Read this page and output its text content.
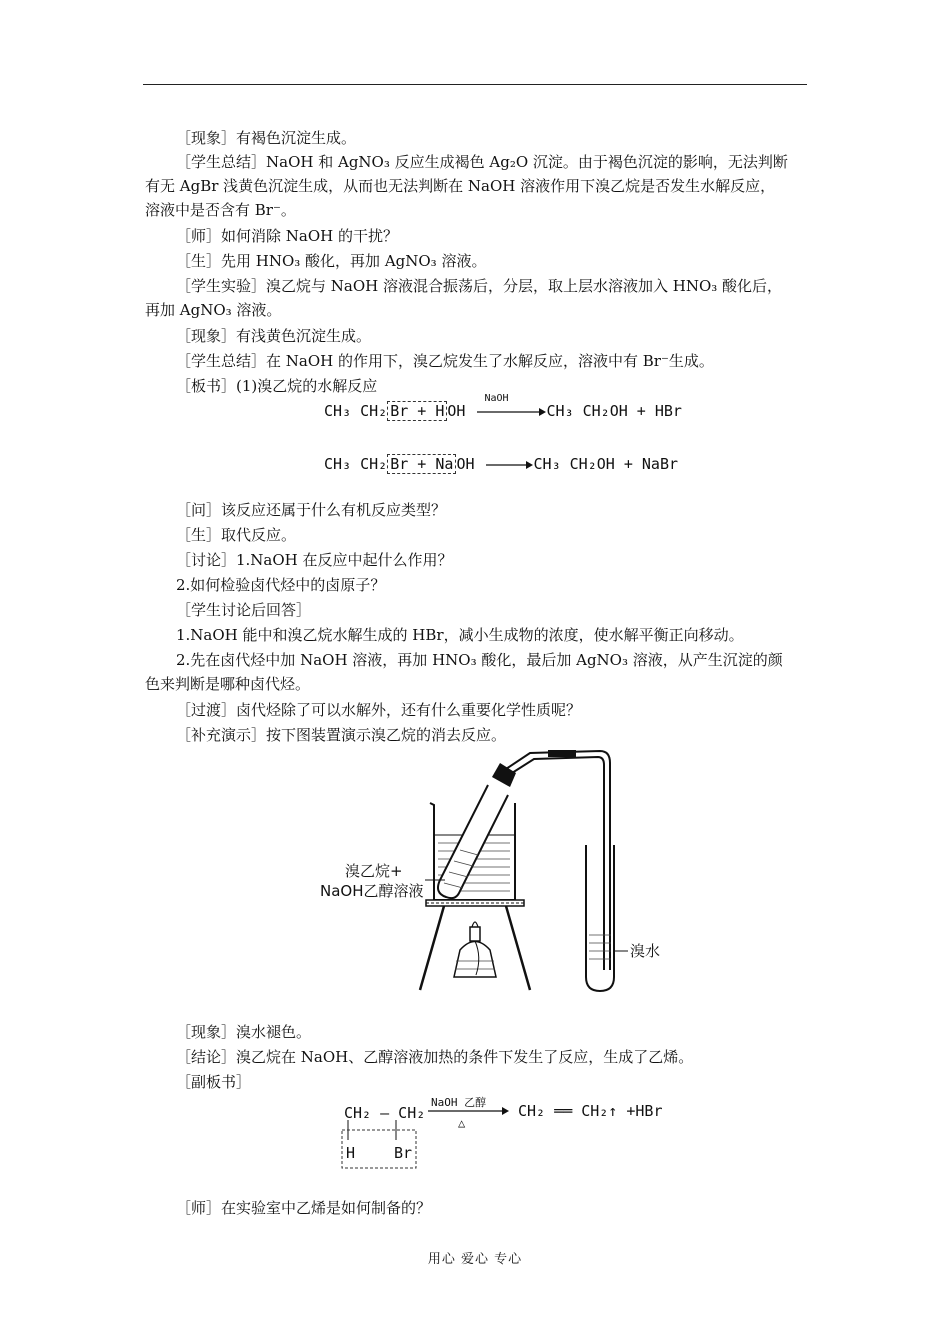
［现象］有褐色沉淀生成。
［学生总结］NaOH 和 AgNO₃ 反应生成褐色 Ag₂O 沉淀。由于褐色沉淀的影响，无法判断
有无 AgBr 浅黄色沉淀生成，从而也无法判断在 NaOH 溶液作用下溴乙烷是否发生水解反应，
溶液中是否含有 Br⁻。
［师］如何消除 NaOH 的干扰？
［生］先用 HNO₃ 酸化，再加 AgNO₃ 溶液。
［学生实验］溴乙烷与 NaOH 溶液混合振荡后，分层，取上层水溶液加入 HNO₃ 酸化后，
再加 AgNO₃ 溶液。
［现象］有浅黄色沉淀生成。
［学生总结］在 NaOH 的作用下，溴乙烷发生了水解反应，溶液中有 Br⁻生成。
［板书］(1)溴乙烷的水解反应
CH₃ CH₂ Br + H OH
NaOH
CH₃ CH₂OH + HBr
CH₃ CH₂ Br + Na OH	CH₃ CH₂OH + NaBr
［问］该反应还属于什么有机反应类型？
［生］取代反应。
［讨论］1.NaOH 在反应中起什么作用？
2.如何检验卤代烃中的卤原子？
［学生讨论后回答］
1.NaOH 能中和溴乙烷水解生成的 HBr，减小生成物的浓度，使水解平衡正向移动。
2.先在卤代烃中加 NaOH 溶液，再加 HNO₃ 酸化，最后加 AgNO₃ 溶液，从产生沉淀的颜
色来判断是哪种卤代烃。
［过渡］卤代烃除了可以水解外，还有什么重要化学性质呢？
［补充演示］按下图装置演示溴乙烷的消去反应。
溴乙烷+
NaOH乙醇溶液
溴水
［现象］溴水褪色。
［结论］溴乙烷在 NaOH、乙醇溶液加热的条件下发生了反应，生成了乙烯。
［副板书］
CH₂ — CH₂
H	Br
NaOH 乙醇
△
CH₂ ══ CH₂↑ +HBr
［师］在实验室中乙烯是如何制备的？
用心 爱心 专心
